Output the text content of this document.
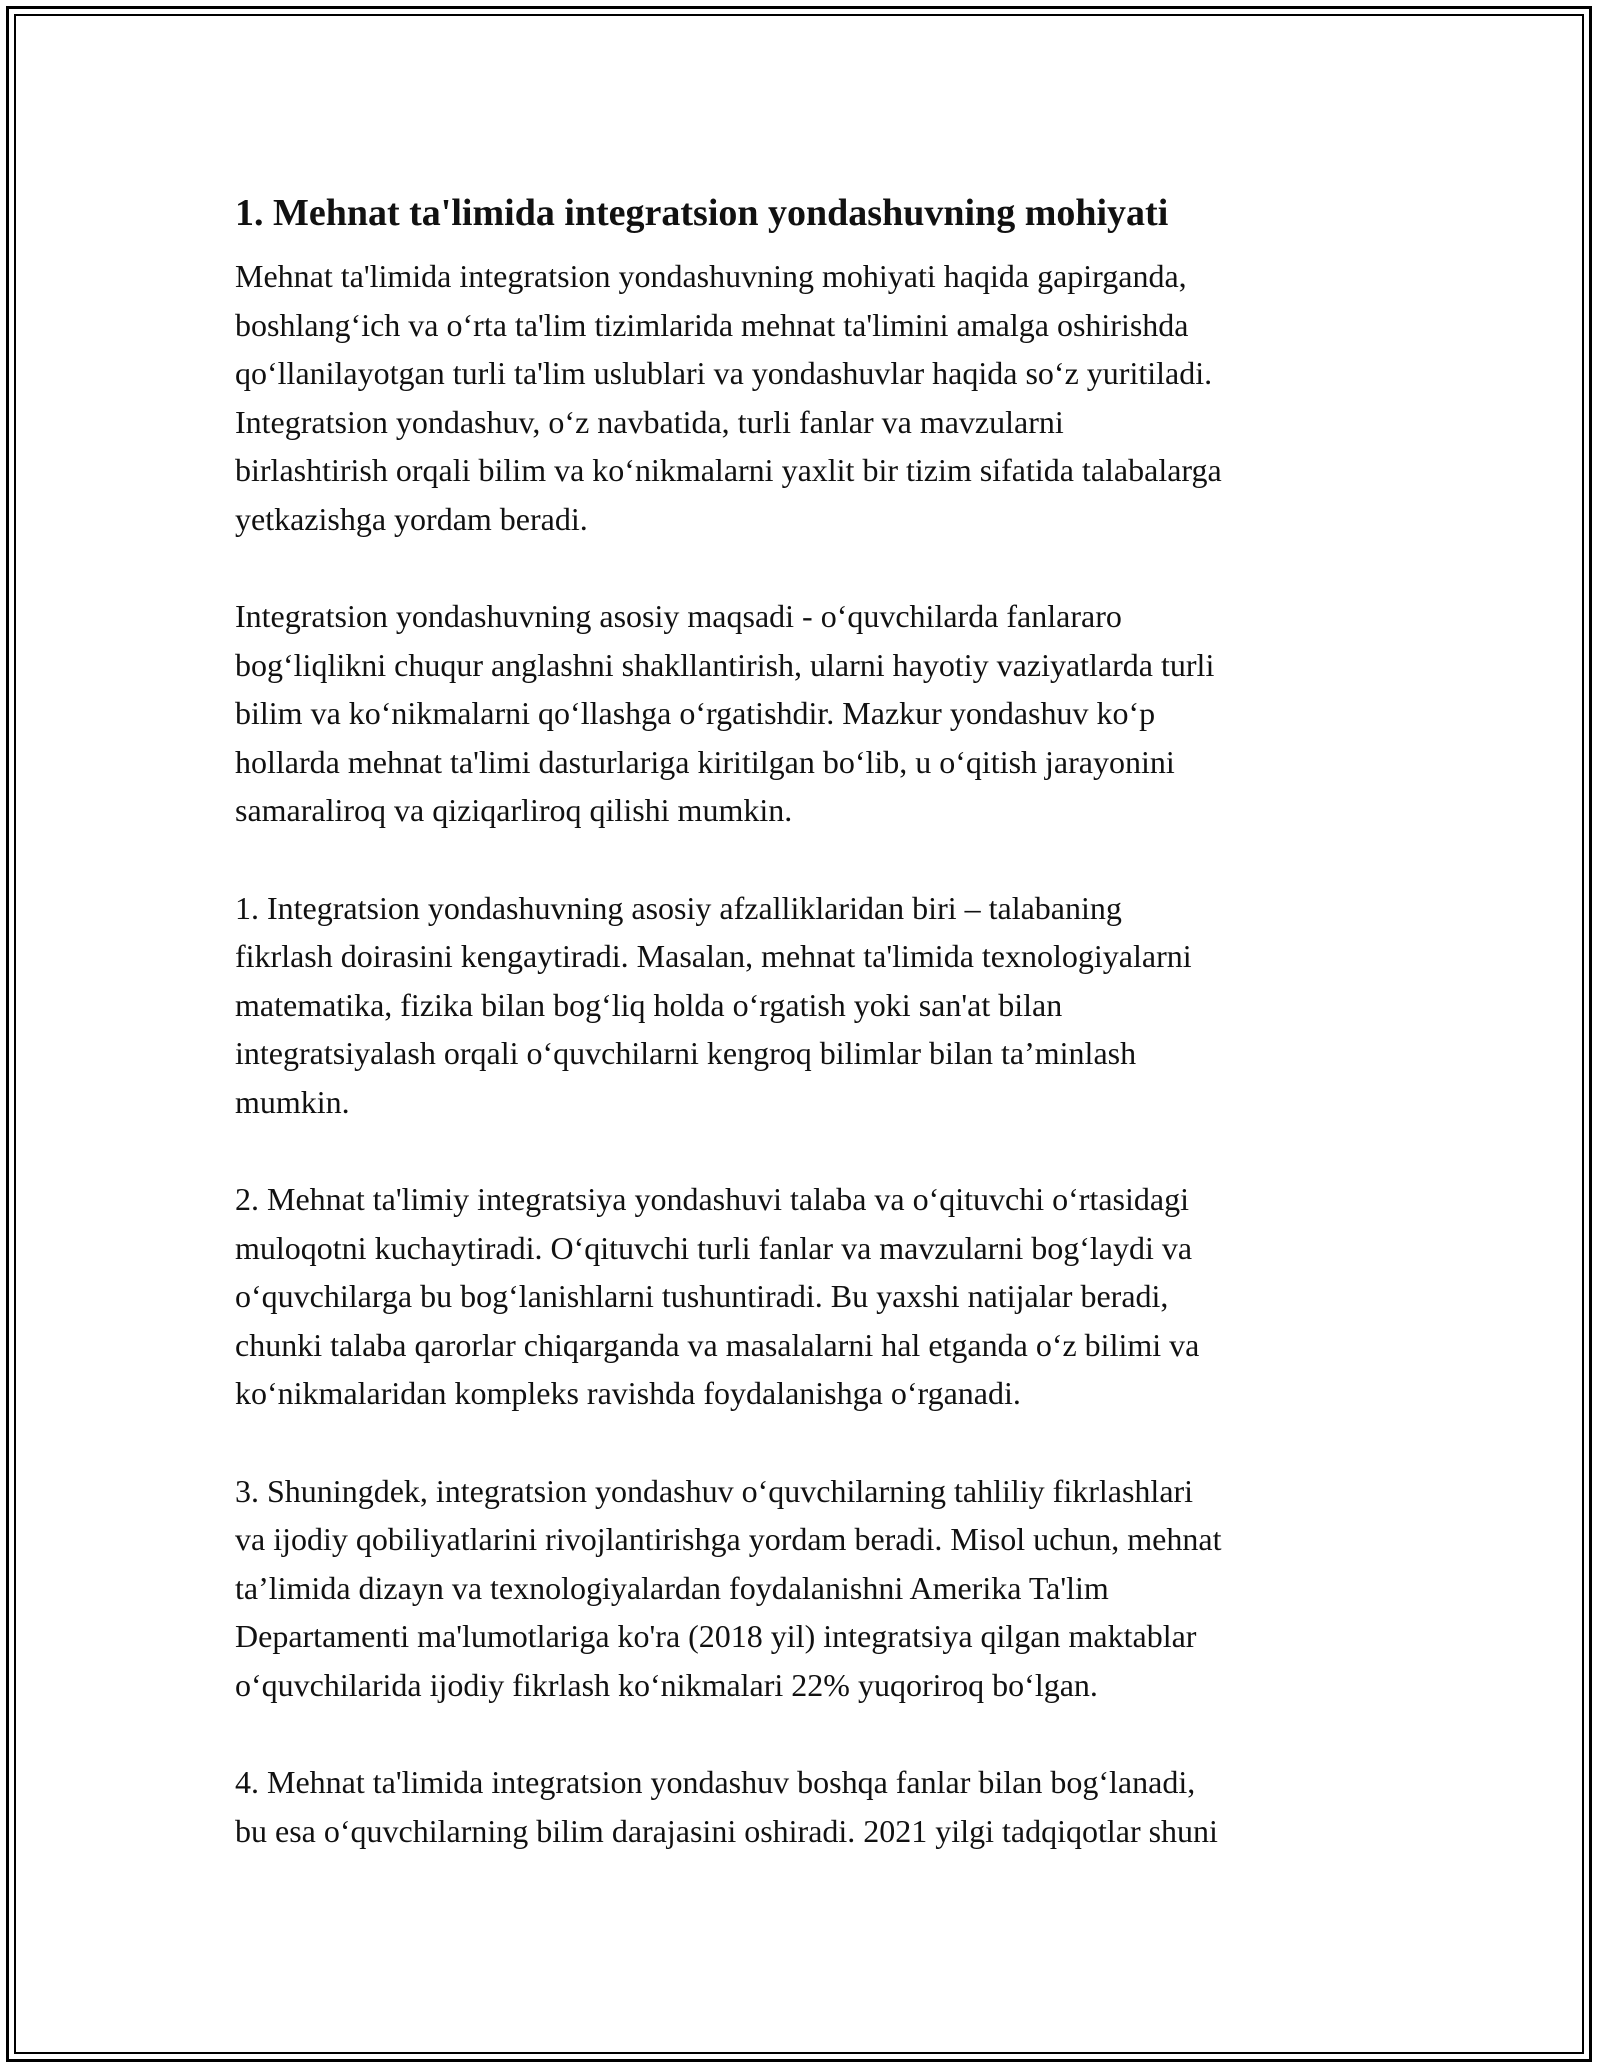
1. Mehnat ta'limida integratsion yondashuvning mohiyati
Mehnat ta'limida integratsion yondashuvning mohiyati haqida gapirganda,
boshlang‘ich va o‘rta ta'lim tizimlarida mehnat ta'limini amalga oshirishda
qo‘llanilayotgan turli ta'lim uslublari va yondashuvlar haqida so‘z yuritiladi.
Integratsion yondashuv, o‘z navbatida, turli fanlar va mavzularni
birlashtirish orqali bilim va ko‘nikmalarni yaxlit bir tizim sifatida talabalarga
yetkazishga yordam beradi.
Integratsion yondashuvning asosiy maqsadi - o‘quvchilarda fanlararo
bog‘liqlikni chuqur anglashni shakllantirish, ularni hayotiy vaziyatlarda turli
bilim va ko‘nikmalarni qo‘llashga o‘rgatishdir. Mazkur yondashuv ko‘p
hollarda mehnat ta'limi dasturlariga kiritilgan bo‘lib, u o‘qitish jarayonini
samaraliroq va qiziqarliroq qilishi mumkin.
1. Integratsion yondashuvning asosiy afzalliklaridan biri – talabaning
fikrlash doirasini kengaytiradi. Masalan, mehnat ta'limida texnologiyalarni
matematika, fizika bilan bog‘liq holda o‘rgatish yoki san'at bilan
integratsiyalash orqali o‘quvchilarni kengroq bilimlar bilan ta’minlash
mumkin.
2. Mehnat ta'limiy integratsiya yondashuvi talaba va o‘qituvchi o‘rtasidagi
muloqotni kuchaytiradi. O‘qituvchi turli fanlar va mavzularni bog‘laydi va
o‘quvchilarga bu bog‘lanishlarni tushuntiradi. Bu yaxshi natijalar beradi,
chunki talaba qarorlar chiqarganda va masalalarni hal etganda o‘z bilimi va
ko‘nikmalaridan kompleks ravishda foydalanishga o‘rganadi.
3. Shuningdek, integratsion yondashuv o‘quvchilarning tahliliy fikrlashlari
va ijodiy qobiliyatlarini rivojlantirishga yordam beradi. Misol uchun, mehnat
ta’limida dizayn va texnologiyalardan foydalanishni Amerika Ta'lim
Departamenti ma'lumotlariga ko'ra (2018 yil) integratsiya qilgan maktablar
o‘quvchilarida ijodiy fikrlash ko‘nikmalari 22% yuqoriroq bo‘lgan.
4. Mehnat ta'limida integratsion yondashuv boshqa fanlar bilan bog‘lanadi,
bu esa o‘quvchilarning bilim darajasini oshiradi. 2021 yilgi tadqiqotlar shuni
